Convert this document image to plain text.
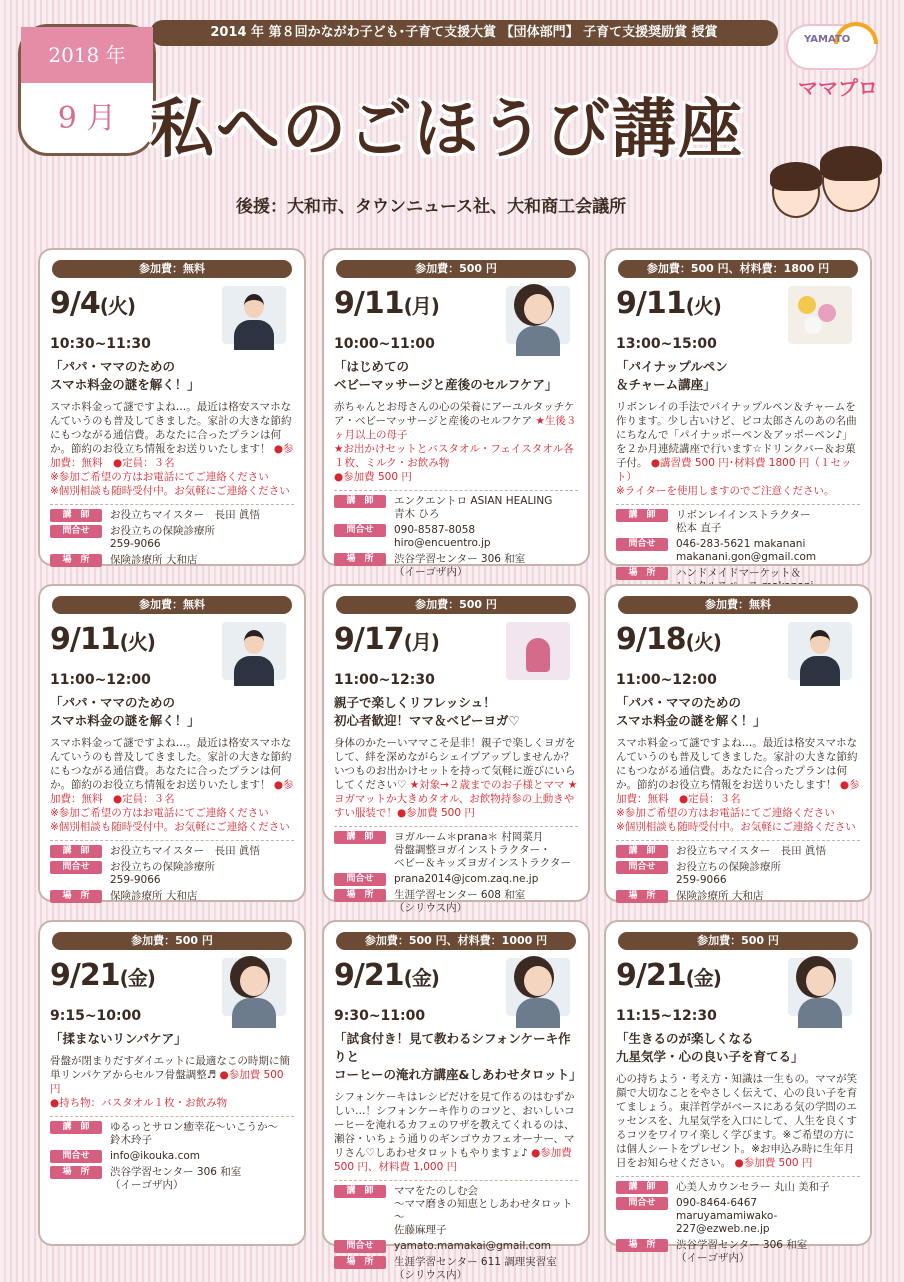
2014 年 第８回かながわ子ども･子育て支援大賞 【団体部門】 子育て支援奨励賞 授賞
2018 年
9 月 私へのごほうび講座
YAMATO
ママプロ
後援：大和市、タウンニュース社、大和商工会議所
参加費：無料
9/4(火)
10:30~11:30
「パパ・ママのための
スマホ料金の謎を解く！」
スマホ料金って謎ですよね…。最近は格安スマホなんていうのも普及してきました。家計の大きな節約にもつながる通信費。あなたに合ったプランは何か。節約のお役立ち情報をお送りいたします！ ●参加費：無料　●定員：３名
※参加ご希望の方はお電話にてご連絡ください
※個別相談も随時受付中。お気軽にご連絡ください
講　師	お役立ちマイスター　長田 眞悟
問合せ	お役立ちの保険診療所
259-9066
場　所	保険診療所 大和店
参加費：500 円
9/11(月)
10:00~11:00
「はじめての
ベビーマッサージと産後のセルフケア」
赤ちゃんとお母さんの心の栄養にアーユルタッチケア・ベビーマッサージと産後のセルフケア ★生後３ヶ月以上の母子
★お出かけセットとバスタオル・フェイスタオル各１枚、ミルク・お飲み物
●参加費 500 円
講　師	エンクエントロ ASIAN HEALING
青木 ひろ
問合せ	090-8587-8058
hiro@encuentro.jp
場　所	渋谷学習センター 306 和室
（イーゴザ内）
参加費：500 円、材料費：1800 円
9/11(火)
13:00~15:00
「パイナップルペン
＆チャーム講座」
リボンレイの手法でパイナップルペン＆チャームを作ります。少し古いけど、ピコ太郎さんのあの名曲にちなんで「パイナッポーペン＆アッポーペン♪」を２か月連続講座で行います☆ドリンクバー＆お菓子付。 ●講習費 500 円･材料費 1800 円（１セット）
※ライターを使用しますのでご注意ください。
講　師	リボンレイインストラクター
松本 直子
問合せ	046-283-5621 makanani
makanani.gon@gmail.com
場　所	ハンドメイドマーケット＆

参加費：無料
9/11(火)
11:00~12:00
「パパ・ママのための
スマホ料金の謎を解く！」
スマホ料金って謎ですよね…。最近は格安スマホなんていうのも普及してきました。家計の大きな節約にもつながる通信費。あなたに合ったプランは何か。節約のお役立ち情報をお送りいたします！ ●参加費：無料　●定員：３名
※参加ご希望の方はお電話にてご連絡ください
※個別相談も随時受付中。お気軽にご連絡ください
講　師	お役立ちマイスター　長田 眞悟
問合せ	お役立ちの保険診療所
259-9066
場　所	保険診療所 大和店
参加費：500 円
9/17(月)
11:00~12:30
親子で楽しくリフレッシュ！
初心者歓迎！ママ＆ベビーヨガ♡
身体のかたーいママこそ是非！親子で楽しくヨガをして、絆を深めながらシェイプアップしませんか？いつものお出かけセットを持って気軽に遊びにいらしてください♡ ★対象→２歳までのお子様とママ ★ヨガマットか大きめタオル、お飲物持参の上動きやすい服装で！●参加費 500 円
講　師	ヨガルーム＊prana＊ 村岡菜月
骨盤調整ヨガインストラクター・
ベビー＆キッズヨガインストラクター
問合せ	prana2014@jcom.zaq.ne.jp
場　所	生涯学習センター 608 和室
（シリウス内）
参加費：無料
9/18(火)
11:00~12:00
「パパ・ママのための
スマホ料金の謎を解く！」
スマホ料金って謎ですよね…。最近は格安スマホなんていうのも普及してきました。家計の大きな節約にもつながる通信費。あなたに合ったプランは何か。節約のお役立ち情報をお送りいたします！ ●参加費：無料　●定員：３名
※参加ご希望の方はお電話にてご連絡ください
※個別相談も随時受付中。お気軽にご連絡ください
講　師	お役立ちマイスター　長田 眞悟
問合せ	お役立ちの保険診療所
259-9066
場　所	保険診療所 大和店
参加費：500 円
9/21(金)
9:15~10:00
「揉まないリンパケア」
骨盤が閉まりだすダイエットに最適なこの時期に簡単リンパケアからセルフ骨盤調整♬ ●参加費 500 円
●持ち物：バスタオル１枚・お飲み物
講　師	ゆるっとサロン癒幸花～いこうか～
鈴木玲子
問合せ	info@ikouka.com
場　所	渋谷学習センター 306 和室
（イーゴザ内）
参加費：500 円、材料費：1000 円
9/21(金)
9:30~11:00
「試食付き！見て教わるシフォンケーキ作りと
コーヒーの淹れ方講座&しあわせタロット」
シフォンケーキはレシピだけを見て作るのはむずかしい…！シフォンケーキ作りのコツと、おいしいコーヒーを淹れるカフェのワザを教えてくれるのは、瀬谷・いちょう通りのギンゴウカフェオーナー、マリさん♡しあわせタロットもやりますょ♪ ●参加費 500 円、材料費 1,000 円
講　師	ママをたのしむ会
～ママ磨きの知恵としあわせタロット～
佐藤麻理子
問合せ	yamato.mamakai@gmail.com
場　所	生涯学習センター 611 調理実習室
（シリウス内）
参加費：500 円
9/21(金)
11:15~12:30
「生きるのが楽しくなる
九星気学・心の良い子を育てる」
心の持ちよう・考え方・知識は一生もの。ママが笑顔で大切なことをやさしく伝えて、心の良い子を育てましょう。東洋哲学がベースにある気の学問のエッセンスを、九星気学を入口にして、人生を良くするコツをワイワイ楽しく学びます。※ご希望の方には個人シートをプレゼント。※お申込み時に生年月日をお知らせください。 ●参加費 500 円
講　師	心美人カウンセラー 丸山 美和子
問合せ	090-8464-6467
maruyamamiwako-227@ezweb.ne.jp
場　所	渋谷学習センター 306 和室
（イーゴザ内）
